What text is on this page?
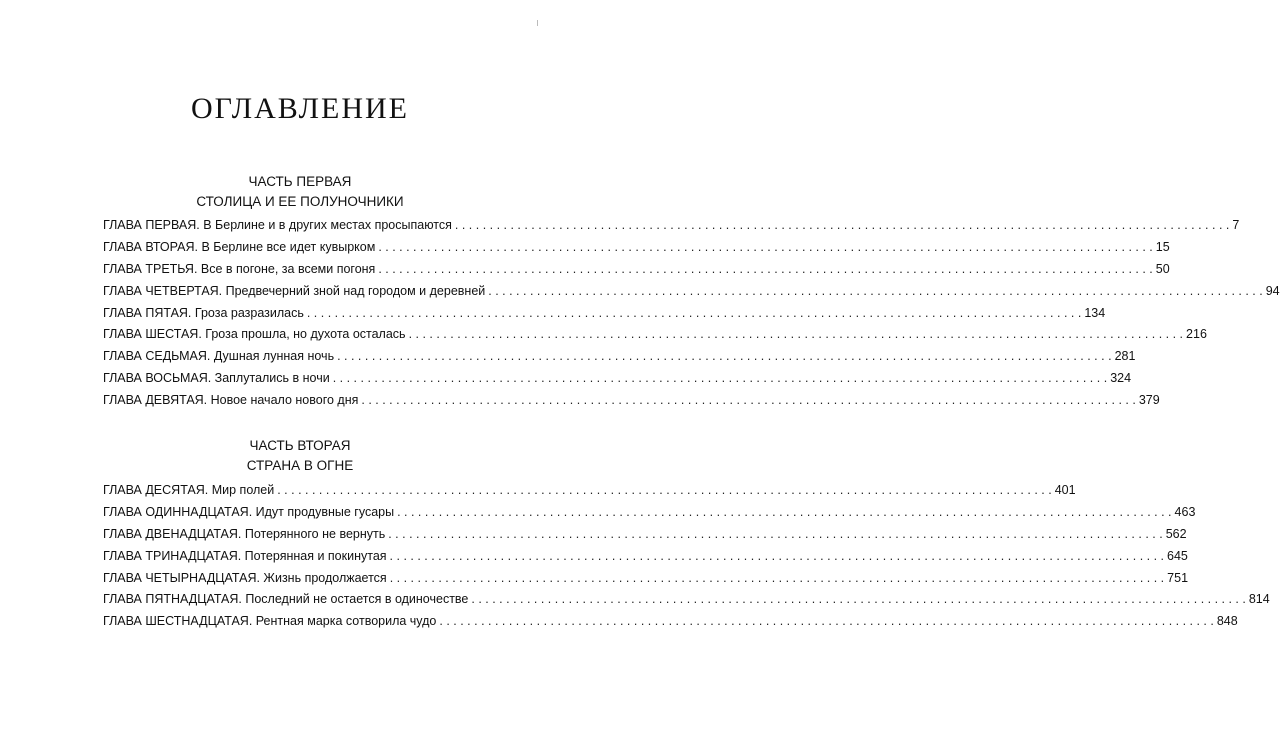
ОГЛАВЛЕНИЕ
ЧАСТЬ ПЕРВАЯ
СТОЛИЦА И ЕЕ ПОЛУНОЧНИКИ
ГЛАВА ПЕРВАЯ. В Берлине и в других местах просыпаются . . .	7
ГЛАВА ВТОРАЯ. В Берлине все идет кувырком . . .	15
ГЛАВА ТРЕТЬЯ. Все в погоне, за всеми погоня . . .	50
ГЛАВА ЧЕТВЕРТАЯ. Предвечерний зной над городом и деревней . . .	94
ГЛАВА ПЯТАЯ. Гроза разразилась . . .	134
ГЛАВА ШЕСТАЯ. Гроза прошла, но духота осталась . . .	216
ГЛАВА СЕДЬМАЯ. Душная лунная ночь . . .	281
ГЛАВА ВОСЬМАЯ. Заплутались в ночи . . .	324
ГЛАВА ДЕВЯТАЯ. Новое начало нового дня . . .	379
ЧАСТЬ ВТОРАЯ
СТРАНА В ОГНЕ
ГЛАВА ДЕСЯТАЯ. Мир полей . . .	401
ГЛАВА ОДИННАДЦАТАЯ. Идут продувные гусары . . .	463
ГЛАВА ДВЕНАДЦАТАЯ. Потерянного не вернуть . . .	562
ГЛАВА ТРИНАДЦАТАЯ. Потерянная и покинутая . . .	645
ГЛАВА ЧЕТЫРНАДЦАТАЯ. Жизнь продолжается . . .	751
ГЛАВА ПЯТНАДЦАТАЯ. Последний не остается в одиночестве . . .	814
ГЛАВА ШЕСТНАДЦАТАЯ. Рентная марка сотворила чудо . . .	848
